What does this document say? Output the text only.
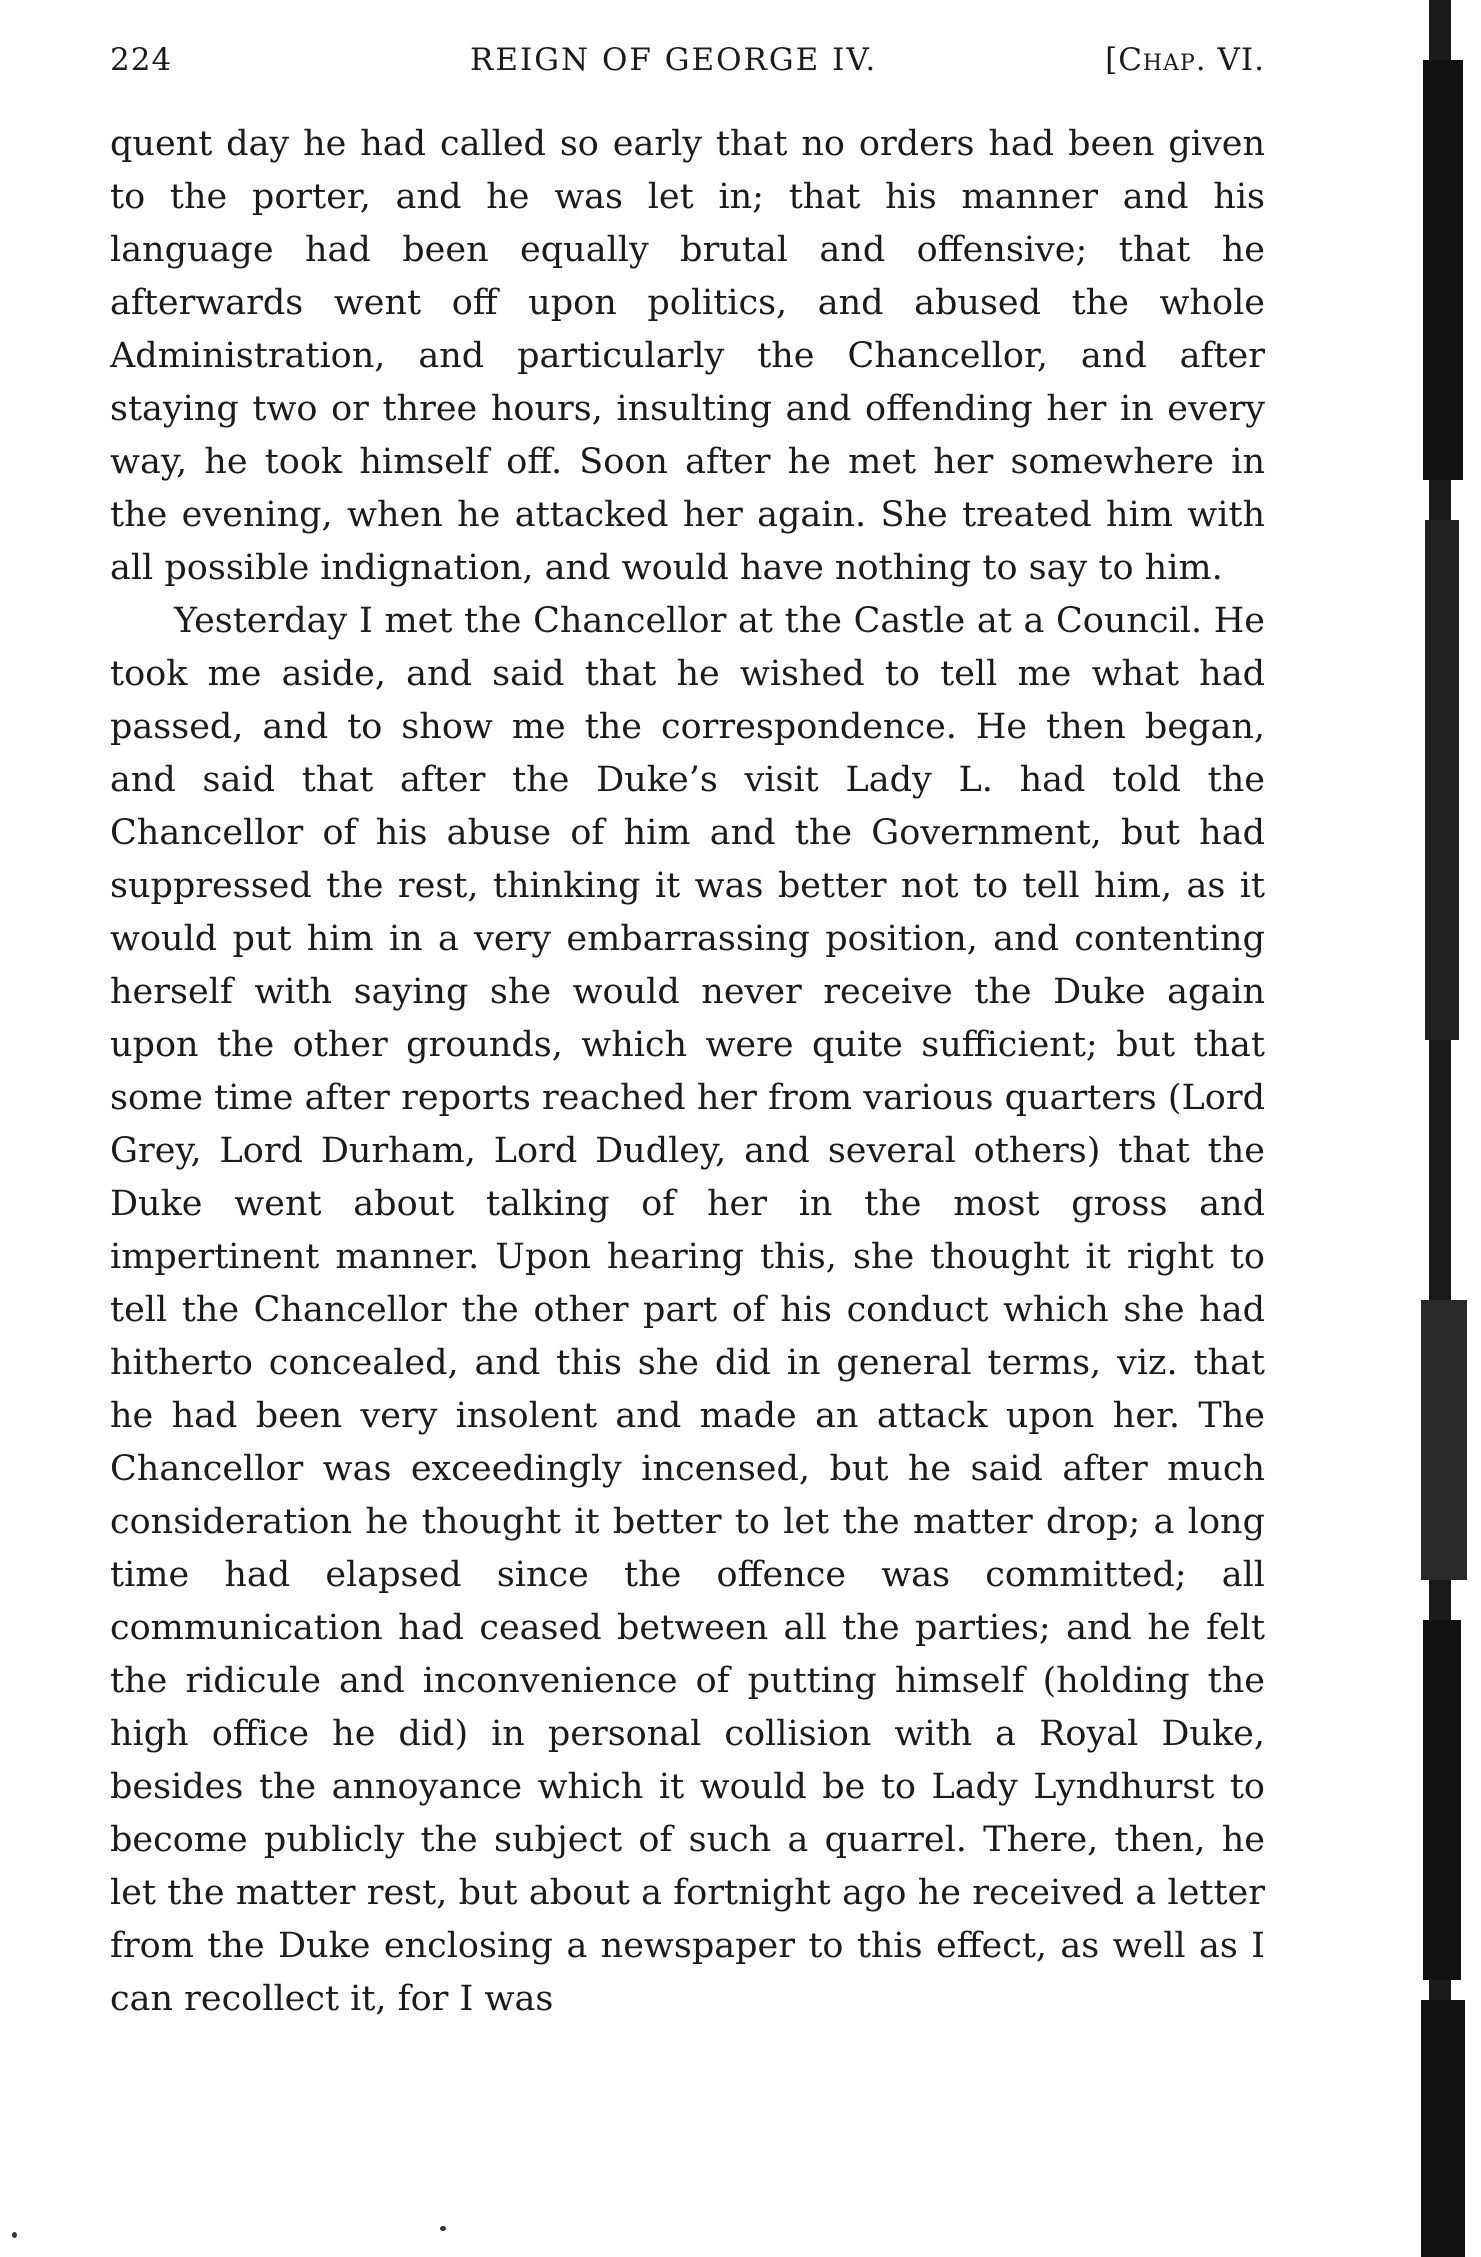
224	REIGN OF GEORGE IV.	[Chap. VI.

quent day he had called so early that no orders had been given to the porter, and he was let in; that his manner and his language had been equally brutal and offensive; that he afterwards went off upon politics, and abused the whole Administration, and particularly the Chancellor, and after staying two or three hours, insulting and offending her in every way, he took himself off. Soon after he met her somewhere in the evening, when he attacked her again. She treated him with all possible indignation, and would have nothing to say to him.

Yesterday I met the Chancellor at the Castle at a Council. He took me aside, and said that he wished to tell me what had passed, and to show me the correspondence. He then began, and said that after the Duke’s visit Lady L. had told the Chancellor of his abuse of him and the Government, but had suppressed the rest, thinking it was better not to tell him, as it would put him in a very embarrassing position, and contenting herself with saying she would never receive the Duke again upon the other grounds, which were quite sufficient; but that some time after reports reached her from various quarters (Lord Grey, Lord Durham, Lord Dudley, and several others) that the Duke went about talking of her in the most gross and impertinent manner. Upon hearing this, she thought it right to tell the Chancellor the other part of his conduct which she had hitherto concealed, and this she did in general terms, viz. that he had been very insolent and made an attack upon her. The Chancellor was exceedingly incensed, but he said after much consideration he thought it better to let the matter drop; a long time had elapsed since the offence was committed; all communication had ceased between all the parties; and he felt the ridicule and inconvenience of putting himself (holding the high office he did) in personal collision with a Royal Duke, besides the annoyance which it would be to Lady Lyndhurst to become publicly the subject of such a quarrel. There, then, he let the matter rest, but about a fortnight ago he received a letter from the Duke enclosing a newspaper to this effect, as well as I can recollect it, for I was
